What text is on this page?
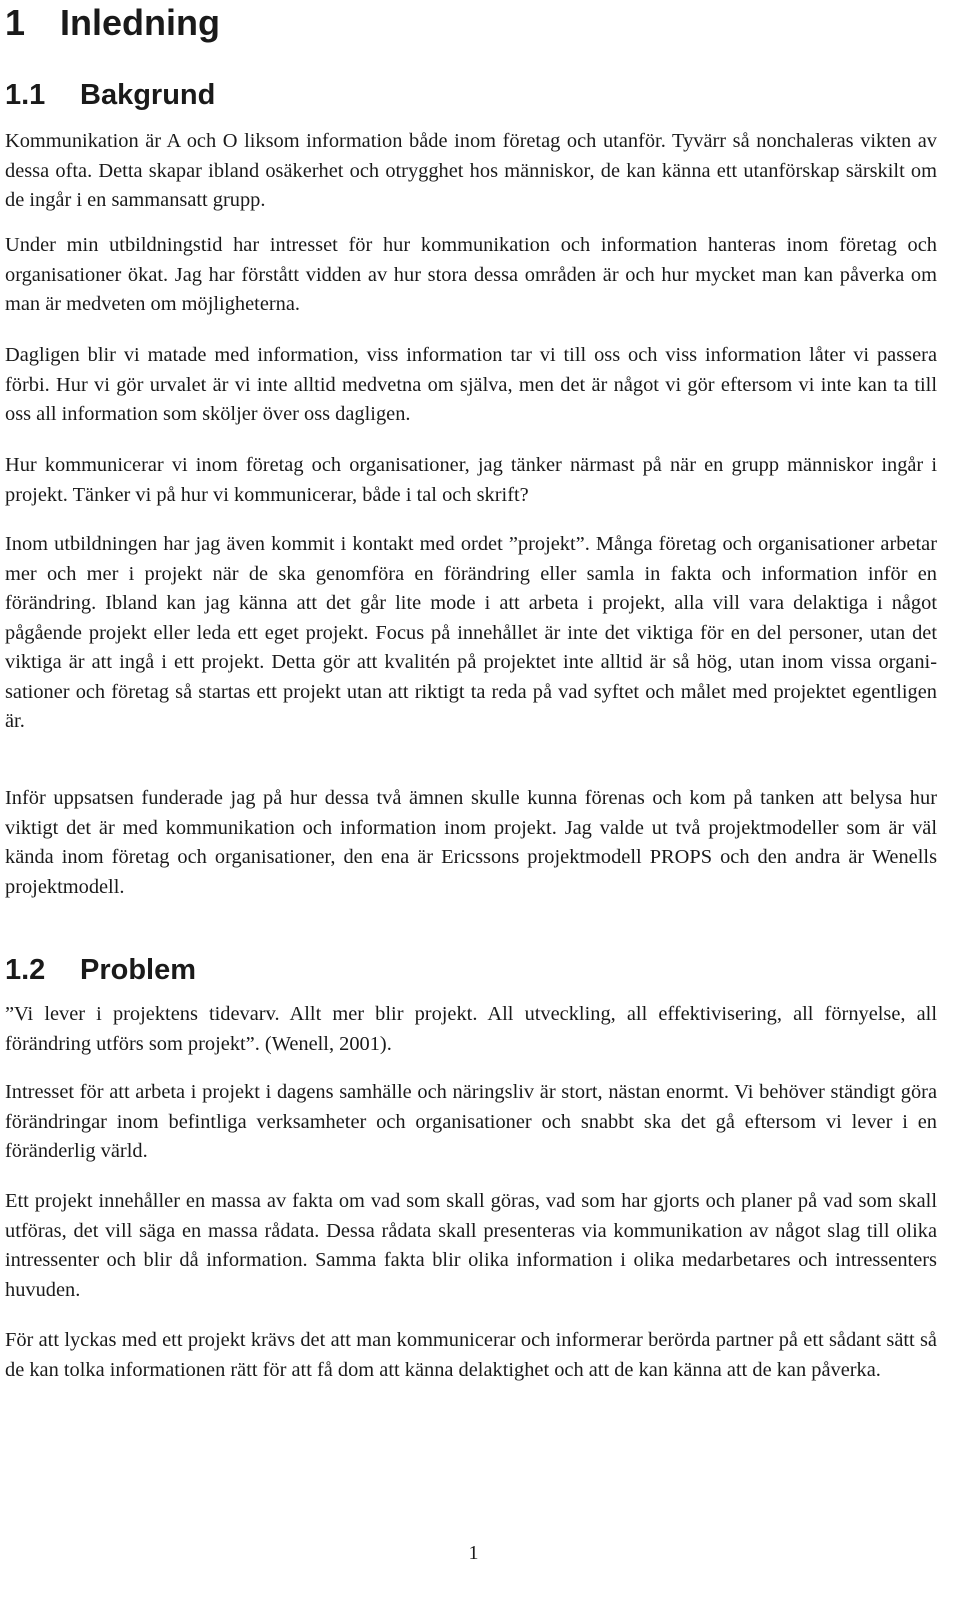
1 Inledning
1.1 Bakgrund

Kommunikation är A och O liksom information både inom företag och utanför. Tyvärr så nonchaleras vikten av dessa ofta. Detta skapar ibland osäkerhet och otrygghet hos människor, de kan känna ett utanförskap särskilt om de ingår i en sammansatt grupp.

Under min utbildningstid har intresset för hur kommunikation och information hanteras inom företag och organisationer ökat. Jag har förstått vidden av hur stora dessa områden är och hur mycket man kan påverka om man är medveten om möjligheterna.

Dagligen blir vi matade med information, viss information tar vi till oss och viss information låter vi passera förbi. Hur vi gör urvalet är vi inte alltid medvetna om själva, men det är något vi gör eftersom vi inte kan ta till oss all information som sköljer över oss dagligen.

Hur kommunicerar vi inom företag och organisationer, jag tänker närmast på när en grupp människor ingår i projekt. Tänker vi på hur vi kommunicerar, både i tal och skrift?

Inom utbildningen har jag även kommit i kontakt med ordet ”projekt”. Många företag och organisationer arbetar mer och mer i projekt när de ska genomföra en förändring eller samla in fakta och information inför en förändring. Ibland kan jag känna att det går lite mode i att arbeta i projekt, alla vill vara delaktiga i något pågående projekt eller leda ett eget projekt. Focus på innehållet är inte det viktiga för en del personer, utan det viktiga är att ingå i ett projekt. Detta gör att kvalitén på projektet inte alltid är så hög, utan inom vissa organisationer och företag så startas ett projekt utan att riktigt ta reda på vad syftet och målet med projektet egentligen är.

Inför uppsatsen funderade jag på hur dessa två ämnen skulle kunna förenas och kom på tanken att belysa hur viktigt det är med kommunikation och information inom projekt. Jag valde ut två projektmodeller som är väl kända inom företag och organisationer, den ena är Ericssons projektmodell PROPS och den andra är Wenells projektmodell.

1.2 Problem

”Vi lever i projektens tidevarv. Allt mer blir projekt. All utveckling, all effektivisering, all förnyelse, all förändring utförs som projekt”. (Wenell, 2001).

Intresset för att arbeta i projekt i dagens samhälle och näringsliv är stort, nästan enormt. Vi behöver ständigt göra förändringar inom befintliga verksamheter och organisationer och snabbt ska det gå eftersom vi lever i en föränderlig värld.

Ett projekt innehåller en massa av fakta om vad som skall göras, vad som har gjorts och planer på vad som skall utföras, det vill säga en massa rådata. Dessa rådata skall presenteras via kommunikation av något slag till olika intressenter och blir då information. Samma fakta blir olika information i olika medarbetares och intressenters huvuden.

För att lyckas med ett projekt krävs det att man kommunicerar och informerar berörda partner på ett sådant sätt så de kan tolka informationen rätt för att få dom att känna delaktighet och att de kan känna att de kan påverka.

1
